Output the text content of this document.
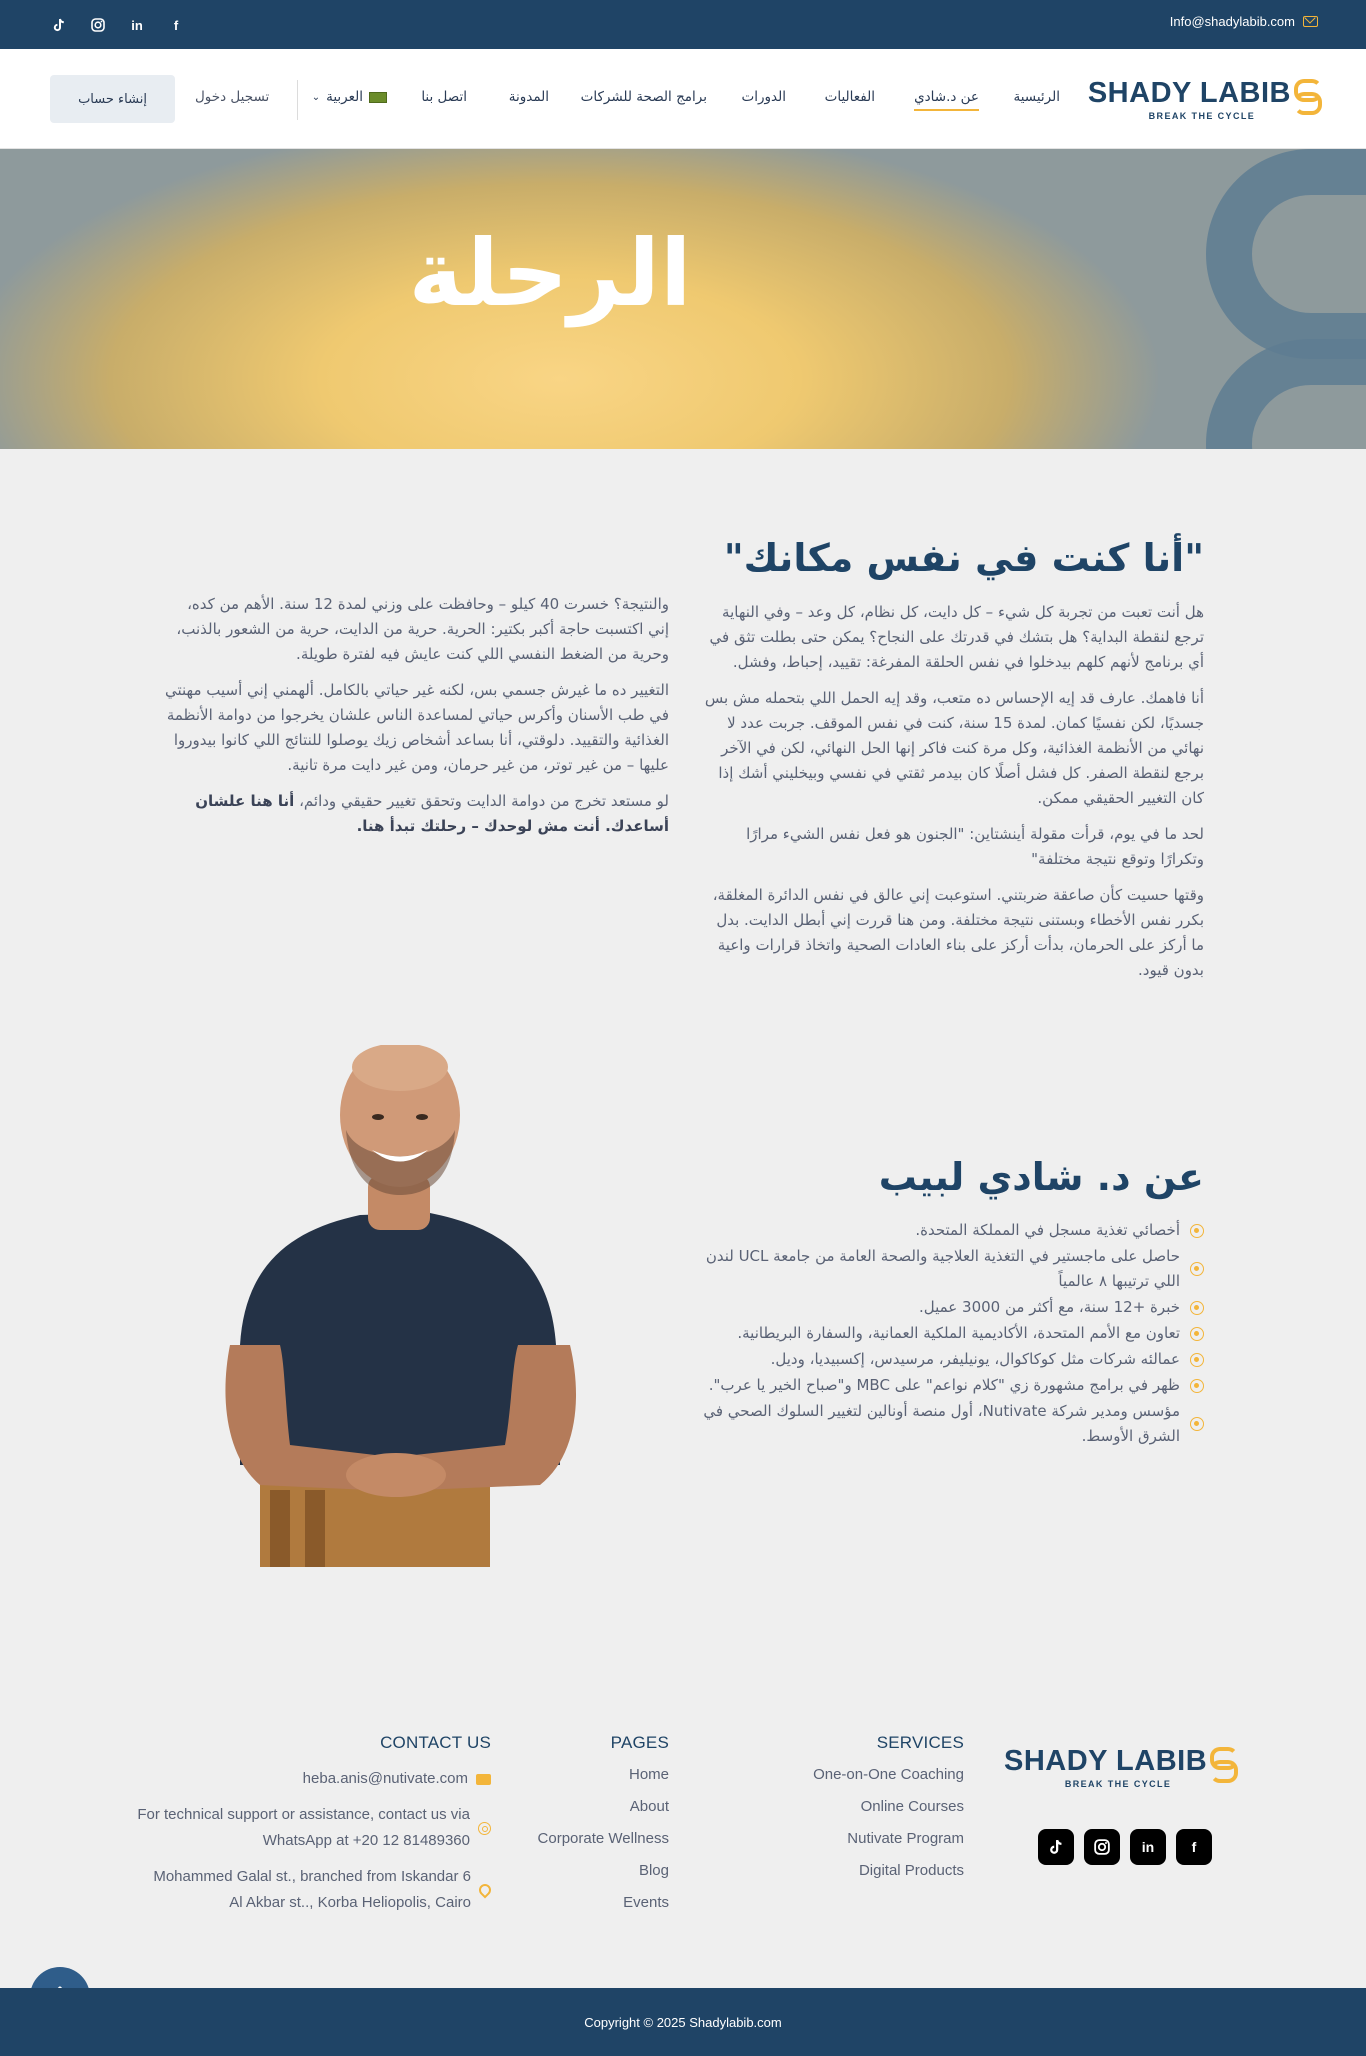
in	f	Info@shadylabib.com
SHADY LABIB
BREAK THE CYCLE
الرئيسية
عن د.شادي
الفعاليات
الدورات
برامج الصحة للشركات
المدونة
اتصل بنا
⌄ العربية
تسجيل دخول
إنشاء حساب
الرحلة
"أنا كنت في نفس مكانك"

هل أنت تعبت من تجربة كل شيء – كل دايت، كل نظام، كل وعد – وفي النهاية ترجع لنقطة البداية؟ هل بتشك في قدرتك على النجاح؟ يمكن حتى بطلت تثق في أي برنامج لأنهم كلهم بيدخلوا في نفس الحلقة المفرغة: تقييد، إحباط، وفشل.

أنا فاهمك. عارف قد إيه الإحساس ده متعب، وقد إيه الحمل اللي بتحمله مش بس جسديًا، لكن نفسيًا كمان. لمدة 15 سنة، كنت في نفس الموقف. جربت عدد لا نهائي من الأنظمة الغذائية، وكل مرة كنت فاكر إنها الحل النهائي، لكن في الآخر برجع لنقطة الصفر. كل فشل أصلًا كان بيدمر ثقتي في نفسي وبيخليني أشك إذا كان التغيير الحقيقي ممكن.

لحد ما في يوم، قرأت مقولة أينشتاين: "الجنون هو فعل نفس الشيء مرارًا وتكرارًا وتوقع نتيجة مختلفة"

وقتها حسيت كأن صاعقة ضربتني. استوعبت إني عالق في نفس الدائرة المغلقة، بكرر نفس الأخطاء وبستنى نتيجة مختلفة. ومن هنا قررت إني أبطل الدايت. بدل ما أركز على الحرمان، بدأت أركز على بناء العادات الصحية واتخاذ قرارات واعية بدون قيود.

والنتيجة؟ خسرت 40 كيلو – وحافظت على وزني لمدة 12 سنة. الأهم من كده، إني اكتسبت حاجة أكبر بكتير: الحرية. حرية من الدايت، حرية من الشعور بالذنب، وحرية من الضغط النفسي اللي كنت عايش فيه لفترة طويلة.

التغيير ده ما غيرش جسمي بس، لكنه غير حياتي بالكامل. ألهمني إني أسيب مهنتي في طب الأسنان وأكرس حياتي لمساعدة الناس علشان يخرجوا من دوامة الأنظمة الغذائية والتقييد. دلوقتي، أنا بساعد أشخاص زيك يوصلوا للنتائج اللي كانوا بيدوروا عليها – من غير توتر، من غير حرمان، ومن غير دايت مرة تانية.

لو مستعد تخرج من دوامة الدايت وتحقق تغيير حقيقي ودائم، أنا هنا علشان أساعدك. أنت مش لوحدك – رحلتك تبدأ هنا.

عن د. شادي لبيب
أخصائي تغذية مسجل في المملكة المتحدة.
حاصل على ماجستير في التغذية العلاجية والصحة العامة من جامعة UCL لندن اللي ترتيبها ٨ عالمياً
خبرة +12 سنة، مع أكثر من 3000 عميل.
تعاون مع الأمم المتحدة، الأكاديمية الملكية العمانية، والسفارة البريطانية.
عمالئه شركات مثل كوكاكوال، يونيليفر، مرسيدس، إكسبيديا، وديل.
ظهر في برامج مشهورة زي "كلام نواعم" على MBC و"صباح الخير يا عرب".
مؤسس ومدير شركة Nutivate، أول منصة أونالين لتغيير السلوك الصحي في الشرق الأوسط.
SHADY LABIB
BREAK THE CYCLE
in	f
SERVICES
One-on-One Coaching
Online Courses
Nutivate Program
Digital Products
PAGES
Home
About
Corporate Wellness
Blog
Events
CONTACT US
heba.anis@nutivate.com
For technical support or assistance, contact us via
WhatsApp at +20 12 81489360
Mohammed Galal st., branched from Iskandar 6
Al Akbar st.., Korba Heliopolis, Cairo
Copyright © 2025 Shadylabib.com
